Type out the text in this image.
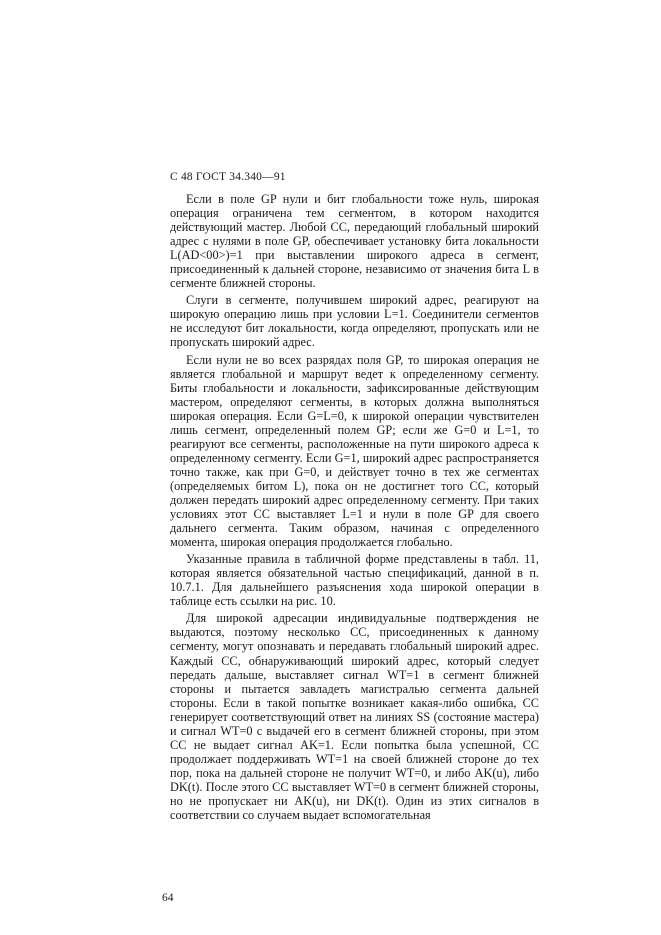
С 48 ГОСТ 34.340—91

Если в поле GP нули и бит глобальности тоже нуль, широкая операция ограничена тем сегментом, в котором находится действующий мастер. Любой СС, передающий глобальный широкий адрес с нулями в поле GP, обеспечивает установку бита локальности L(AD<00>)=1 при выставлении широкого адреса в сегмент, присоединенный к дальней стороне, независимо от значения бита L в сегменте ближней стороны.

Слуги в сегменте, получившем широкий адрес, реагируют на широкую операцию лишь при условии L=1. Соединители сегментов не исследуют бит локальности, когда определяют, пропускать или не пропускать широкий адрес.

Если нули не во всех разрядах поля GP, то широкая операция не является глобальной и маршрут ведет к определенному сегменту. Биты глобальности и локальности, зафиксированные действующим мастером, определяют сегменты, в которых должна выполняться широкая операция. Если G=L=0, к широкой операции чувствителен лишь сегмент, определенный полем GP; если же G=0 и L=1, то реагируют все сегменты, расположенные на пути широкого адреса к определенному сегменту. Если G=1, широкий адрес распространяется точно также, как при G=0, и действует точно в тех же сегментах (определяемых битом L), пока он не достигнет того СС, который должен передать широкий адрес определенному сегменту. При таких условиях этот СС выставляет L=1 и нули в поле GP для своего дальнего сегмента. Таким образом, начиная с определенного момента, широкая операция продолжается глобально.

Указанные правила в табличной форме представлены в табл. 11, которая является обязательной частью спецификаций, данной в п. 10.7.1. Для дальнейшего разъяснения хода широкой операции в таблице есть ссылки на рис. 10.

Для широкой адресации индивидуальные подтверждения не выдаются, поэтому несколько СС, присоединенных к данному сегменту, могут опознавать и передавать глобальный широкий адрес. Каждый СС, обнаруживающий широкий адрес, который следует передать дальше, выставляет сигнал WT=1 в сегмент ближней стороны и пытается завладеть магистралью сегмента дальней стороны. Если в такой попытке возникает какая-либо ошибка, СС генерирует соответствующий ответ на линиях SS (состояние мастера) и сигнал WT=0 с выдачей его в сегмент ближней стороны, при этом СС не выдает сигнал AK=1. Если попытка была успешной, СС продолжает поддерживать WT=1 на своей ближней стороне до тех пор, пока на дальней стороне не получит WT=0, и либо AK(u), либо DK(t). После этого СС выставляет WT=0 в сегмент ближней стороны, но не пропускает ни AK(u), ни DK(t). Один из этих сигналов в соответствии со случаем выдает вспомогательная

64
